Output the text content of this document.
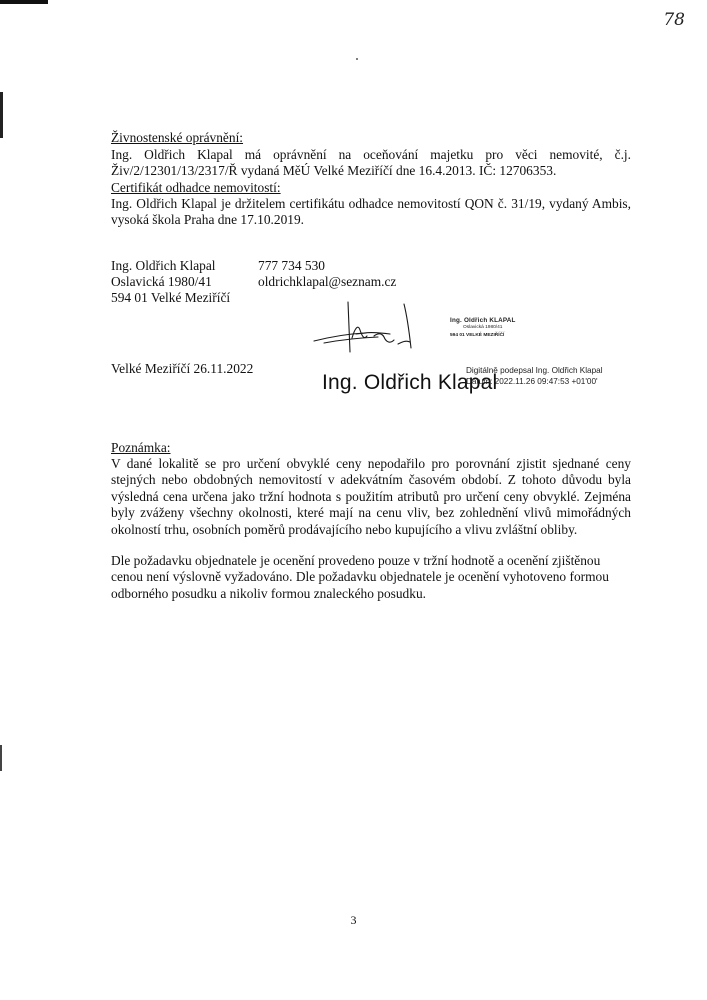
78
Živnostenské oprávnění:
Ing. Oldřich Klapal má oprávnění na oceňování majetku pro věci nemovité, č.j. Živ/2/12301/13/2317/Ř vydaná MěÚ Velké Meziříčí dne 16.4.2013. IČ: 12706353.
Certifikát odhadce nemovitostí:
Ing. Oldřich Klapal je držitelem certifikátu odhadce nemovitostí QON č. 31/19, vydaný Ambis, vysoká škola Praha dne 17.10.2019.
Ing. Oldřich Klapal
Oslavická 1980/41
594 01 Velké Meziříčí
777 734 530
oldrichklapal@seznam.cz
Ing. Oldřich KLAPAL
Oslavická 1980/41
594 01 VELKÉ MEZIŘÍČÍ
Velké Meziříčí 26.11.2022
Ing. Oldřich Klapal
Digitálně podepsal Ing. Oldřich Klapal
Datum: 2022.11.26 09:47:53 +01'00'
Poznámka:
V dané lokalitě se pro určení obvyklé ceny nepodařilo pro porovnání zjistit sjednané ceny stejných nebo obdobných nemovitostí v adekvátním časovém období. Z tohoto důvodu byla výsledná cena určena jako tržní hodnota s použitím atributů pro určení ceny obvyklé. Zejména byly zváženy všechny okolnosti, které mají na cenu vliv, bez zohlednění vlivů mimořádných okolností trhu, osobních poměrů prodávajícího nebo kupujícího a vlivu zvláštní obliby.
Dle požadavku objednatele je ocenění provedeno pouze v tržní hodnotě a ocenění zjištěnou cenou není výslovně vyžadováno. Dle požadavku objednatele je ocenění vyhotoveno formou odborného posudku a nikoliv formou znaleckého posudku.
3
